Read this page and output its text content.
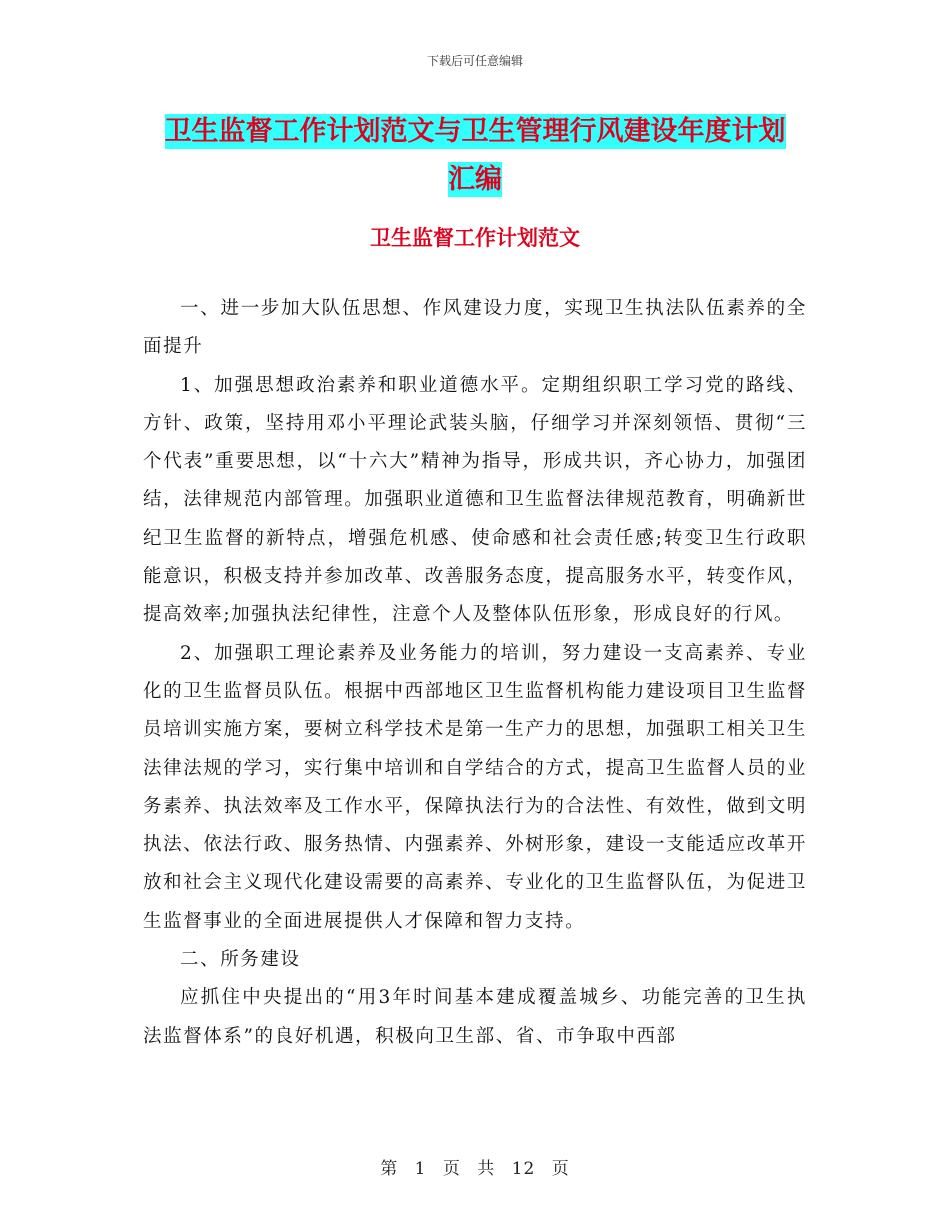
下载后可任意编辑
卫生监督工作计划范文与卫生管理行风建设年度计划
汇编
卫生监督工作计划范文

一、进一步加大队伍思想、作风建设力度，实现卫生执法队伍素养的全面提升

1、加强思想政治素养和职业道德水平。定期组织职工学习党的路线、方针、政策，坚持用邓小平理论武装头脑，仔细学习并深刻领悟、贯彻“三个代表”重要思想，以“十六大”精神为指导，形成共识，齐心协力，加强团结，法律规范内部管理。加强职业道德和卫生监督法律规范教育，明确新世纪卫生监督的新特点，增强危机感、使命感和社会责任感;转变卫生行政职能意识，积极支持并参加改革、改善服务态度，提高服务水平，转变作风，提高效率;加强执法纪律性，注意个人及整体队伍形象，形成良好的行风。

2、加强职工理论素养及业务能力的培训，努力建设一支高素养、专业化的卫生监督员队伍。根据中西部地区卫生监督机构能力建设项目卫生监督员培训实施方案，要树立科学技术是第一生产力的思想，加强职工相关卫生法律法规的学习，实行集中培训和自学结合的方式，提高卫生监督人员的业务素养、执法效率及工作水平，保障执法行为的合法性、有效性，做到文明执法、依法行政、服务热情、内强素养、外树形象，建设一支能适应改革开放和社会主义现代化建设需要的高素养、专业化的卫生监督队伍，为促进卫生监督事业的全面进展提供人才保障和智力支持。

二、所务建设

应抓住中央提出的“用3年时间基本建成覆盖城乡、功能完善的卫生执法监督体系”的良好机遇，积极向卫生部、省、市争取中西部

第 1 页 共 12 页
